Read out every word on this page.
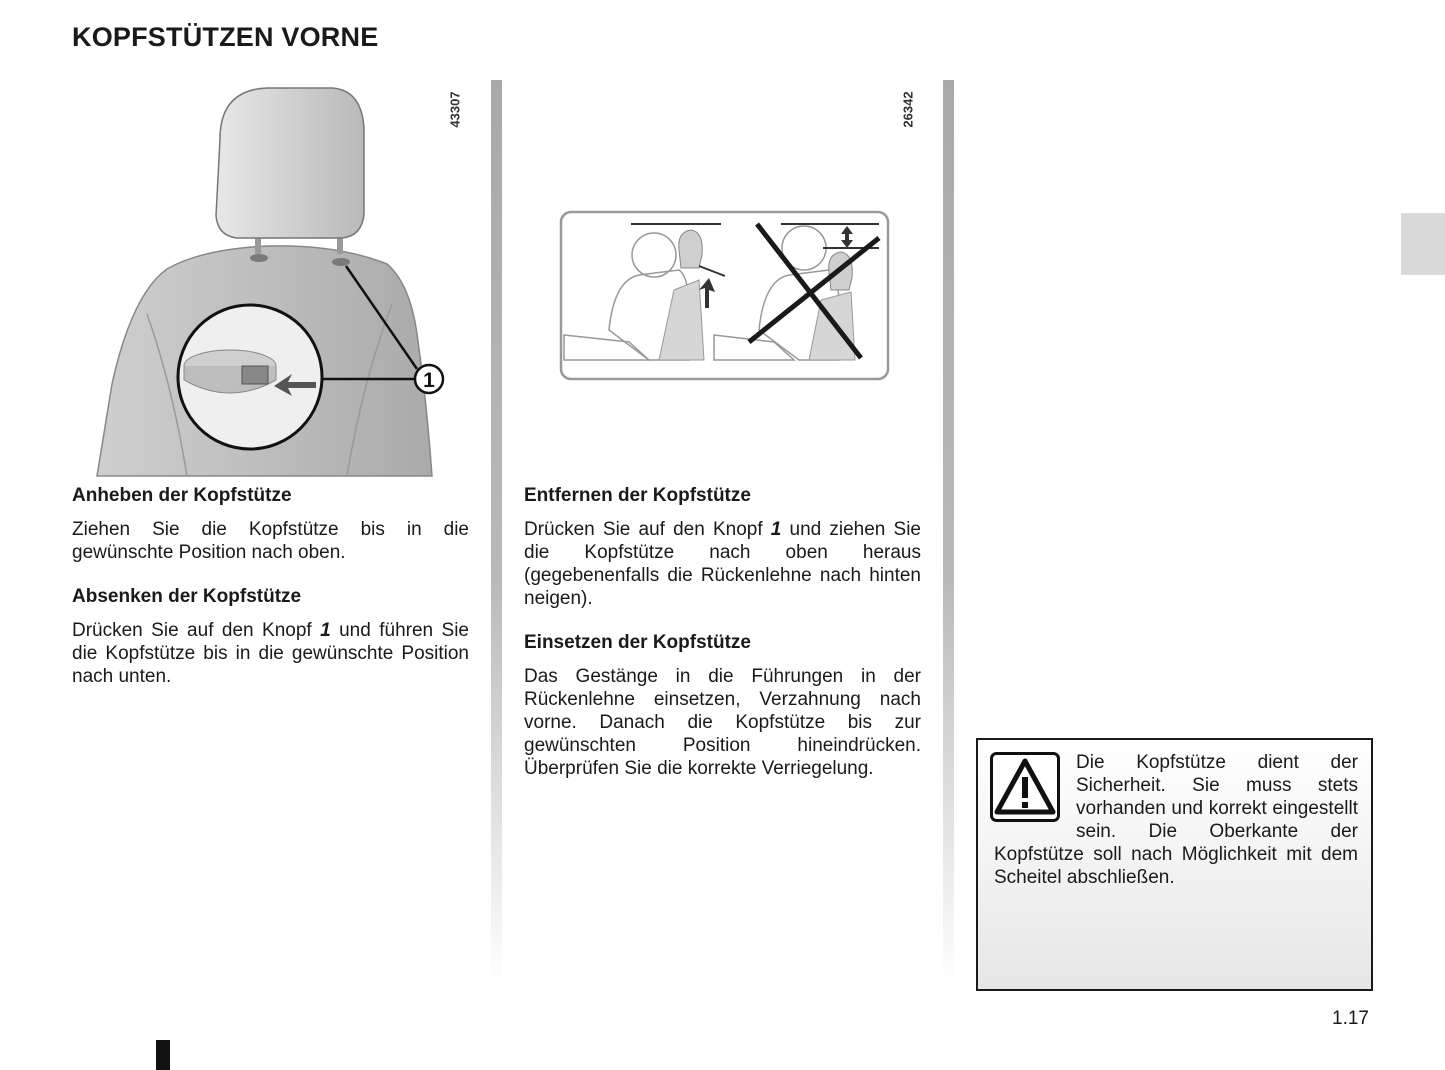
KOPFSTÜTZEN VORNE
1
43307	26342
Anheben der Kopfstütze

Ziehen Sie die Kopfstütze bis in die gewünschte Position nach oben.

Absenken der Kopfstütze

Drücken Sie auf den Knopf 1 und führen Sie die Kopfstütze bis in die gewünschte Position nach unten.

Entfernen der Kopfstütze

Drücken Sie auf den Knopf 1 und ziehen Sie die Kopfstütze nach oben heraus (gegebenenfalls die Rückenlehne nach hinten neigen).

Einsetzen der Kopfstütze

Das Gestänge in die Führungen in der Rückenlehne einsetzen, Verzahnung nach vorne. Danach die Kopfstütze bis zur gewünschten Position hineindrücken. Überprüfen Sie die korrekte Verriegelung.	Die Kopfstütze dient der Sicherheit. Sie muss stets vorhanden und korrekt eingestellt sein. Die Oberkante der Kopfstütze soll nach Möglichkeit mit dem Scheitel abschließen.
1.17
